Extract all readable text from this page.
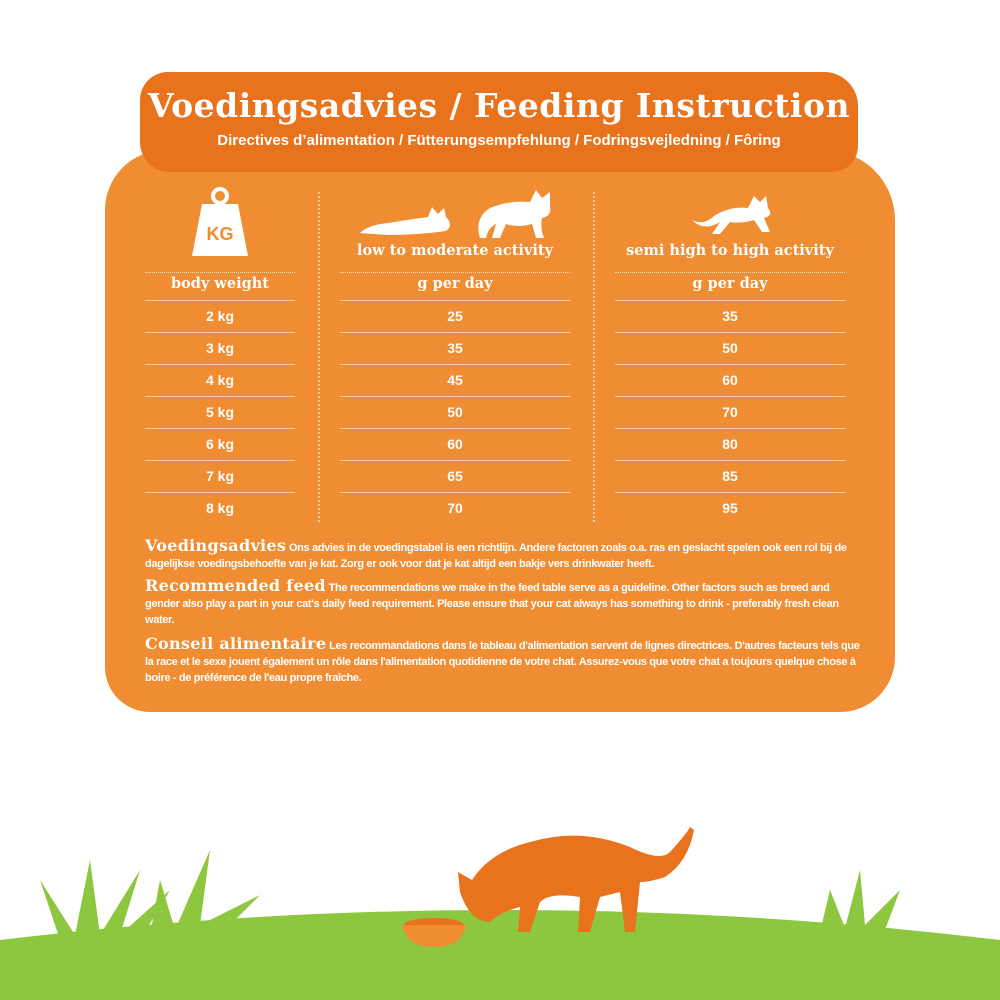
Voedingsadvies / Feeding Instruction
Directives d’alimentation / Fütterungsempfehlung / Fodringsvejledning / Fôring
KG
body weight
low to moderate activity	semi high to high activity
g per day	g per day
2 kg	25	35
3 kg	35	50
4 kg	45	60
5 kg	50	70
6 kg	60	80
7 kg	65	85
8 kg	70	95
Voedingsadvies Ons advies in de voedingstabel is een richtlijn. Andere factoren zoals o.a. ras en geslacht spelen ook een rol bij de dagelijkse voedingsbehoefte van je kat. Zorg er ook voor dat je kat altijd een bakje vers drinkwater heeft.
Recommended feed The recommendations we make in the feed table serve as a guideline. Other factors such as breed and gender also play a part in your cat's daily feed requirement. Please ensure that your cat always has something to drink - preferably fresh clean water.
Conseil alimentaire Les recommandations dans le tableau d'alimentation servent de lignes directrices. D'autres facteurs tels que la race et le sexe jouent également un rôle dans l'alimentation quotidienne de votre chat. Assurez-vous que votre chat a toujours quelque chose à boire - de préférence de l'eau propre fraîche.
